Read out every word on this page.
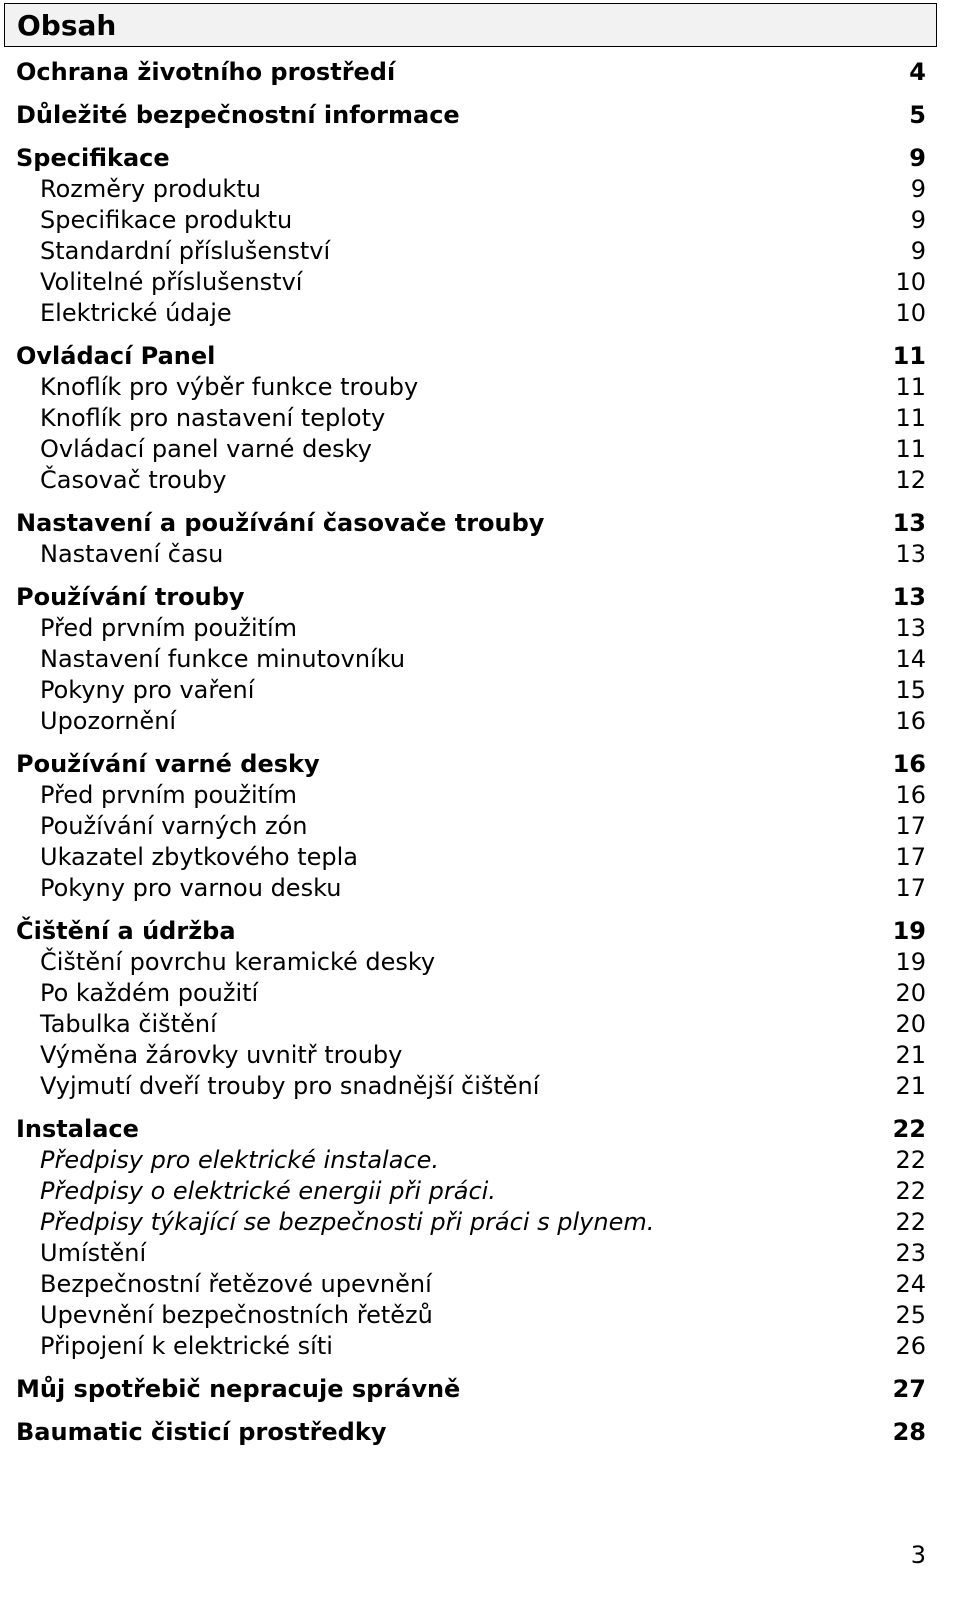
Obsah
Ochrana životního prostředí	4
Důležité bezpečnostní informace	5
Specifikace	9
Rozměry produktu	9
Specifikace produktu	9
Standardní příslušenství	9
Volitelné příslušenství	10
Elektrické údaje	10
Ovládací Panel	11
Knoflík pro výběr funkce trouby	11
Knoflík pro nastavení teploty	11
Ovládací panel varné desky	11
Časovač trouby	12
Nastavení a používání časovače trouby	13
Nastavení času	13
Používání trouby	13
Před prvním použitím	13
Nastavení funkce minutovníku	14
Pokyny pro vaření	15
Upozornění	16
Používání varné desky	16
Před prvním použitím	16
Používání varných zón	17
Ukazatel zbytkového tepla	17
Pokyny pro varnou desku	17
Čištění a údržba	19
Čištění povrchu keramické desky	19
Po každém použití	20
Tabulka čištění	20
Výměna žárovky uvnitř trouby	21
Vyjmutí dveří trouby pro snadnější čištění	21
Instalace	22
Předpisy pro elektrické instalace.	22
Předpisy o elektrické energii při práci.	22
Předpisy týkající se bezpečnosti při práci s plynem.	22
Umístění	23
Bezpečnostní řetězové upevnění	24
Upevnění bezpečnostních řetězů	25
Připojení k elektrické síti	26
Můj spotřebič nepracuje správně	27
Baumatic čisticí prostředky	28
3
